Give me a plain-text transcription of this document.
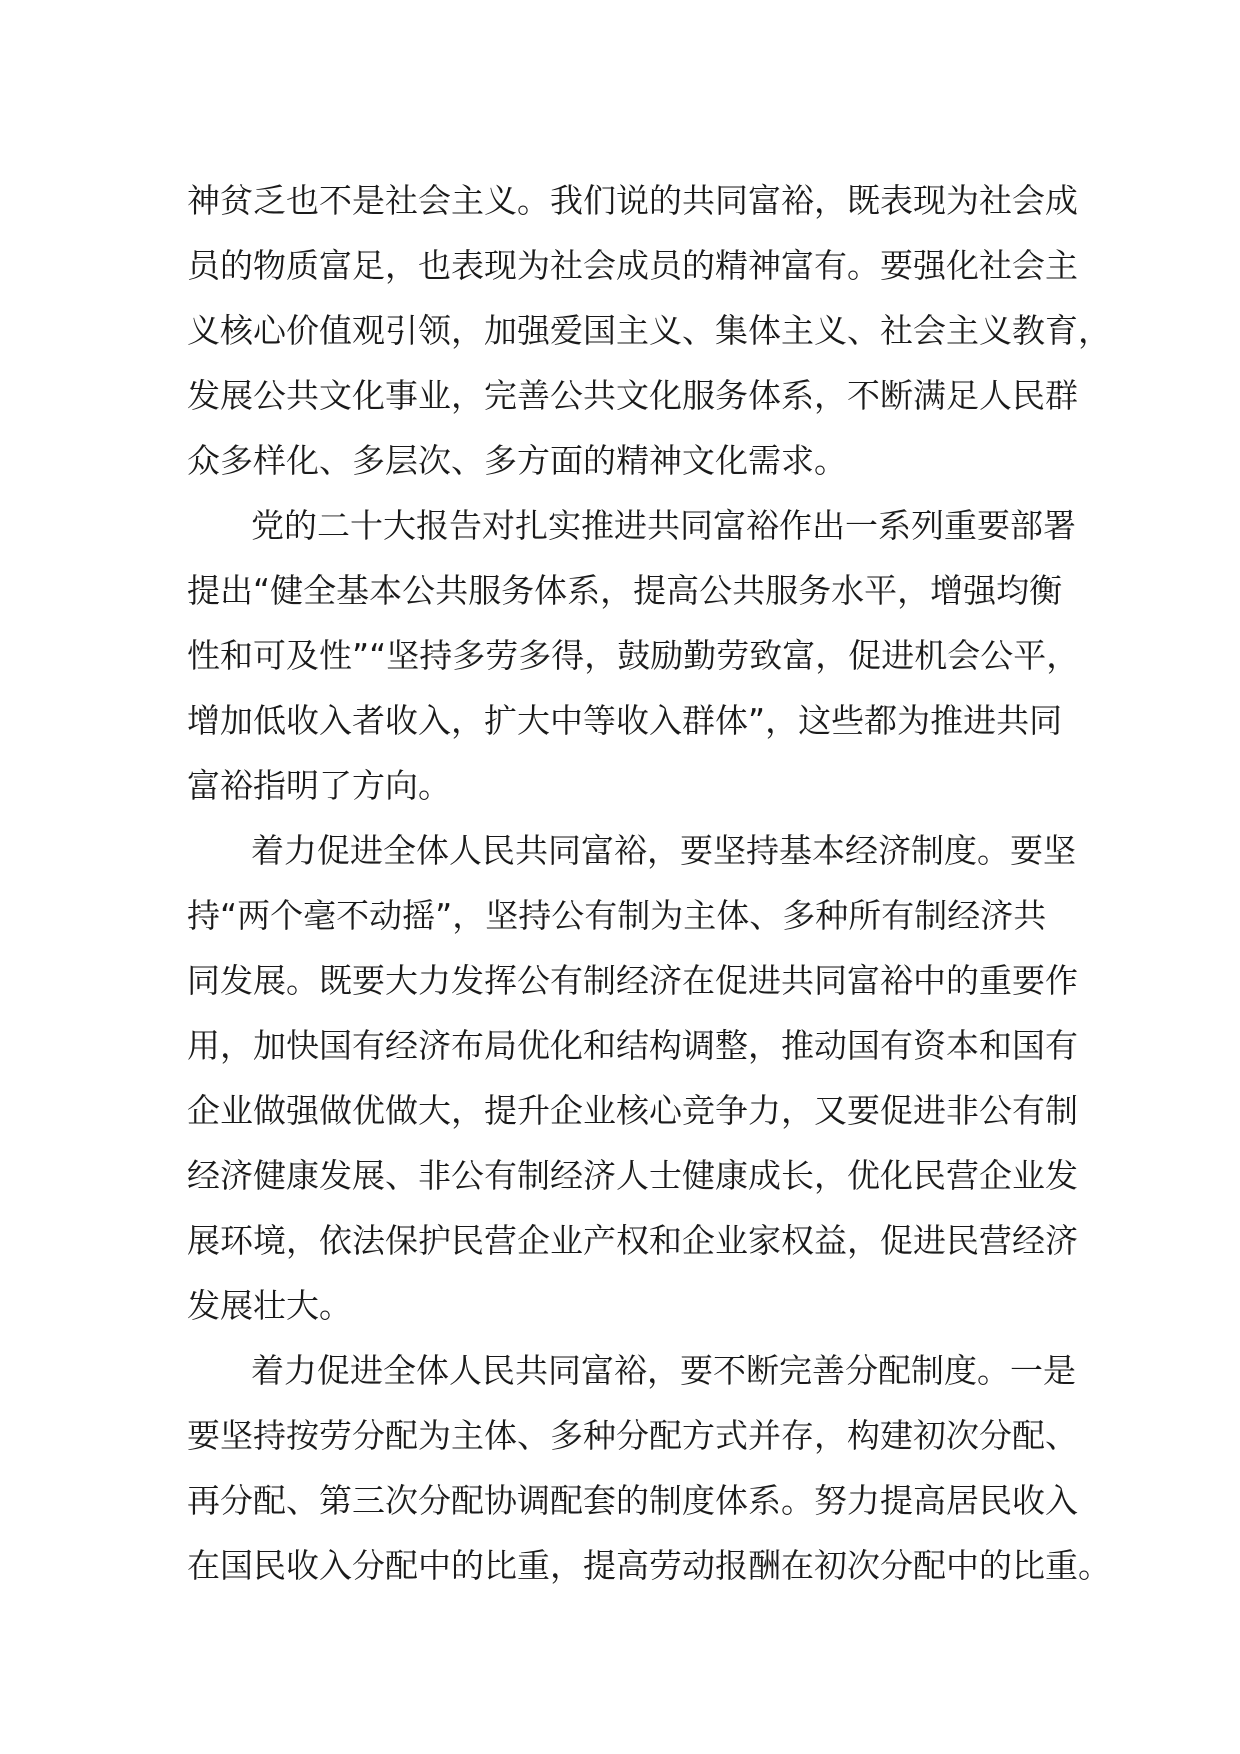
神贫乏也不是社会主义。我们说的共同富裕，既表现为社会成
员的物质富足，也表现为社会成员的精神富有。要强化社会主
义核心价值观引领，加强爱国主义、集体主义、社会主义教育，
发展公共文化事业，完善公共文化服务体系，不断满足人民群
众多样化、多层次、多方面的精神文化需求。
党的二十大报告对扎实推进共同富裕作出一系列重要部署
提出“健全基本公共服务体系，提高公共服务水平，增强均衡
性和可及性”“坚持多劳多得，鼓励勤劳致富，促进机会公平，
增加低收入者收入，扩大中等收入群体”，这些都为推进共同
富裕指明了方向。
着力促进全体人民共同富裕，要坚持基本经济制度。要坚
持“两个毫不动摇”，坚持公有制为主体、多种所有制经济共
同发展。既要大力发挥公有制经济在促进共同富裕中的重要作
用，加快国有经济布局优化和结构调整，推动国有资本和国有
企业做强做优做大，提升企业核心竞争力，又要促进非公有制
经济健康发展、非公有制经济人士健康成长，优化民营企业发
展环境，依法保护民营企业产权和企业家权益，促进民营经济
发展壮大。
着力促进全体人民共同富裕，要不断完善分配制度。一是
要坚持按劳分配为主体、多种分配方式并存，构建初次分配、
再分配、第三次分配协调配套的制度体系。努力提高居民收入
在国民收入分配中的比重，提高劳动报酬在初次分配中的比重。
